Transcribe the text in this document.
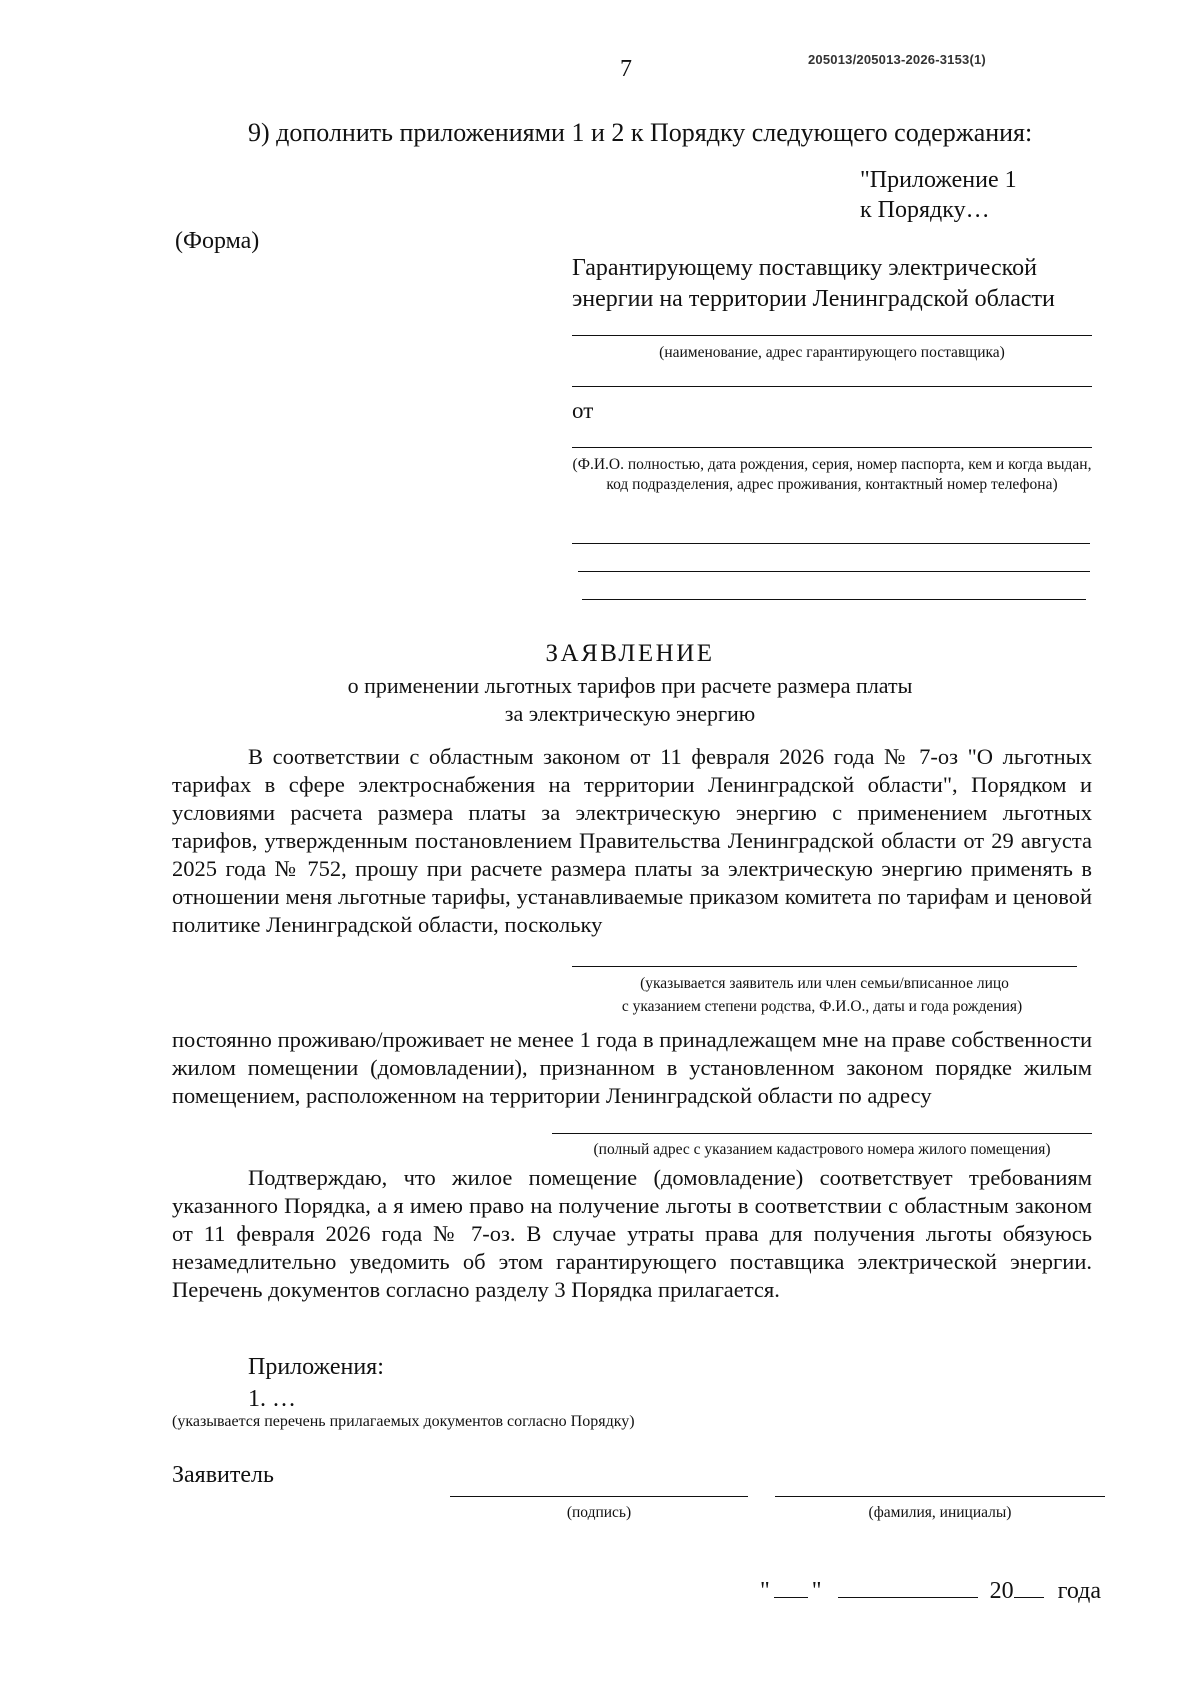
205013/205013-2026-3153(1)
7
9) дополнить приложениями 1 и 2 к Порядку следующего содержания:
"Приложение 1
к Порядку…
(Форма)
Гарантирующему поставщику электрической энергии на территории Ленинградской области
(наименование, адрес гарантирующего поставщика)
от
(Ф.И.О. полностью, дата рождения, серия, номер паспорта, кем и когда выдан, код подразделения, адрес проживания, контактный номер телефона)
ЗАЯВЛЕНИЕ
о применении льготных тарифов при расчете размера платы
за электрическую энергию
В соответствии с областным законом от 11 февраля 2026 года № 7-оз "О льготных тарифах в сфере электроснабжения на территории Ленинградской области", Порядком и условиями расчета размера платы за электрическую энергию с применением льготных тарифов, утвержденным постановлением Правительства Ленинградской области от 29 августа 2025 года № 752, прошу при расчете размера платы за электрическую энергию применять в отношении меня льготные тарифы, устанавливаемые приказом комитета по тарифам и ценовой политике Ленинградской области, поскольку
(указывается заявитель или член семьи/вписанное лицо
с указанием степени родства, Ф.И.О., даты и года рождения)
постоянно проживаю/проживает не менее 1 года в принадлежащем мне на праве собственности жилом помещении (домовладении), признанном в установленном законом порядке жилым помещением, расположенном на территории Ленинградской области по адресу
(полный адрес с указанием кадастрового номера жилого помещения)
Подтверждаю, что жилое помещение (домовладение) соответствует требованиям указанного Порядка, а я имею право на получение льготы в соответствии с областным законом от 11 февраля 2026 года № 7-оз. В случае утраты права для получения льготы обязуюсь незамедлительно уведомить об этом гарантирующего поставщика электрической энергии. Перечень документов согласно разделу 3 Порядка прилагается.
Приложения:
1. …
(указывается перечень прилагаемых документов согласно Порядку)
Заявитель
(подпись)	(фамилия, инициалы)
" "	20 года
